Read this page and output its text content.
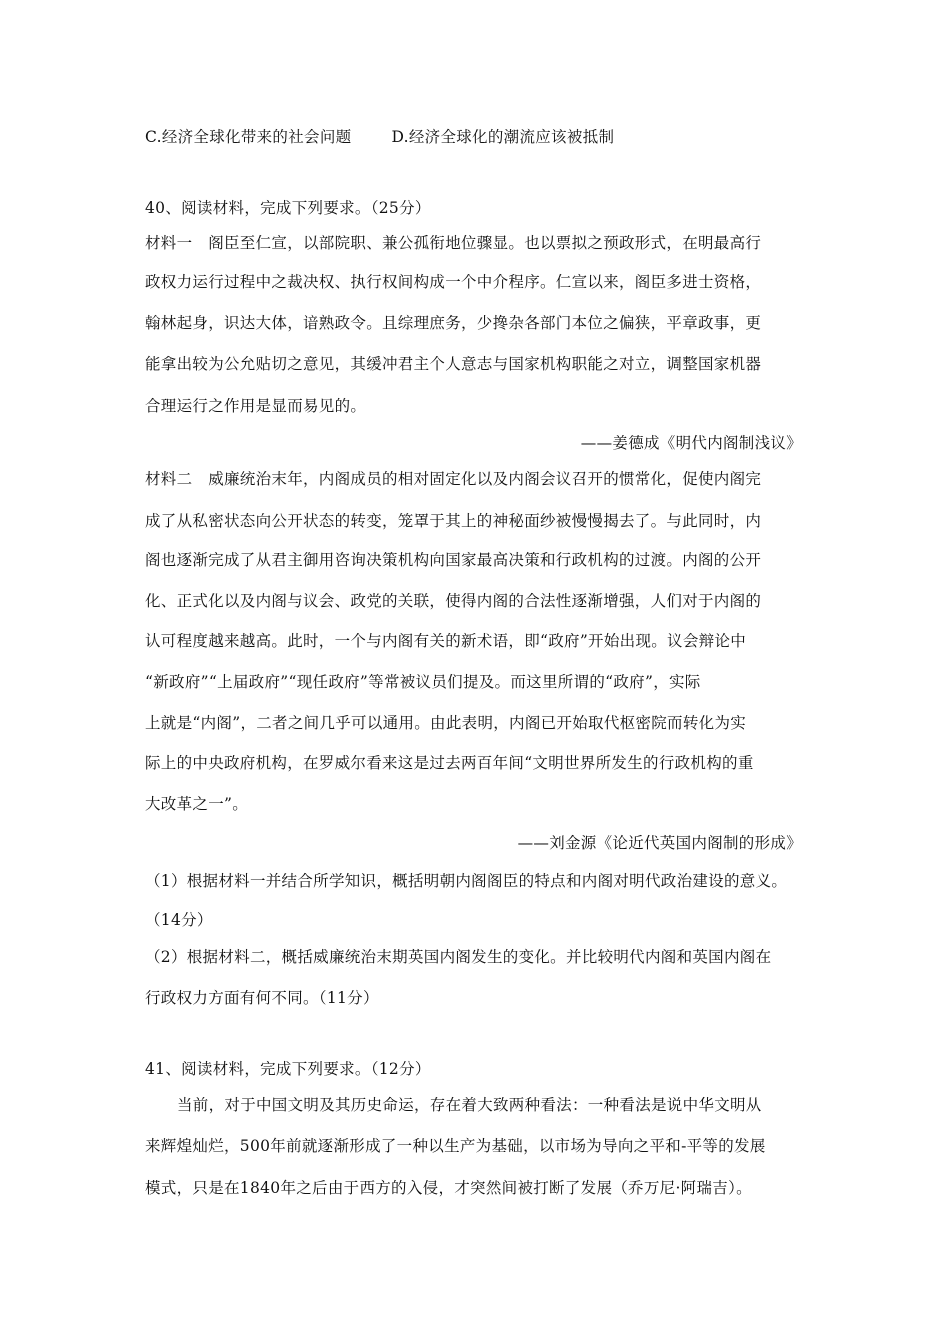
C.经济全球化带来的社会问题	D.经济全球化的潮流应该被抵制
40、阅读材料，完成下列要求。（25分）
材料一　阁臣至仁宣，以部院职、兼公孤衔地位骤显。也以票拟之预政形式，在明最高行
政权力运行过程中之裁决权、执行权间构成一个中介程序。仁宣以来，阁臣多进士资格，
翰林起身，识达大体，谙熟政令。且综理庶务，少搀杂各部门本位之偏狭，平章政事，更
能拿出较为公允贴切之意见，其缓冲君主个人意志与国家机构职能之对立，调整国家机器
合理运行之作用是显而易见的。
——姜德成《明代内阁制浅议》
材料二　威廉统治末年，内阁成员的相对固定化以及内阁会议召开的惯常化，促使内阁完
成了从私密状态向公开状态的转变，笼罩于其上的神秘面纱被慢慢揭去了。与此同时，内
阁也逐渐完成了从君主御用咨询决策机构向国家最高决策和行政机构的过渡。内阁的公开
化、正式化以及内阁与议会、政党的关联，使得内阁的合法性逐渐增强，人们对于内阁的
认可程度越来越高。此时，一个与内阁有关的新术语，即“政府”开始出现。议会辩论中
“新政府”“上届政府”“现任政府”等常被议员们提及。而这里所谓的“政府”，实际
上就是“内阁”，二者之间几乎可以通用。由此表明，内阁已开始取代枢密院而转化为实
际上的中央政府机构，在罗威尔看来这是过去两百年间“文明世界所发生的行政机构的重
大改革之一”。
——刘金源《论近代英国内阁制的形成》
（1）根据材料一并结合所学知识，概括明朝内阁阁臣的特点和内阁对明代政治建设的意义。
（14分）
（2）根据材料二，概括威廉统治末期英国内阁发生的变化。并比较明代内阁和英国内阁在
行政权力方面有何不同。（11分）
41、阅读材料，完成下列要求。（12分）
当前，对于中国文明及其历史命运，存在着大致两种看法：一种看法是说中华文明从
来辉煌灿烂，500年前就逐渐形成了一种以生产为基础，以市场为导向之平和-平等的发展
模式，只是在1840年之后由于西方的入侵，才突然间被打断了发展（乔万尼·阿瑞吉）。
